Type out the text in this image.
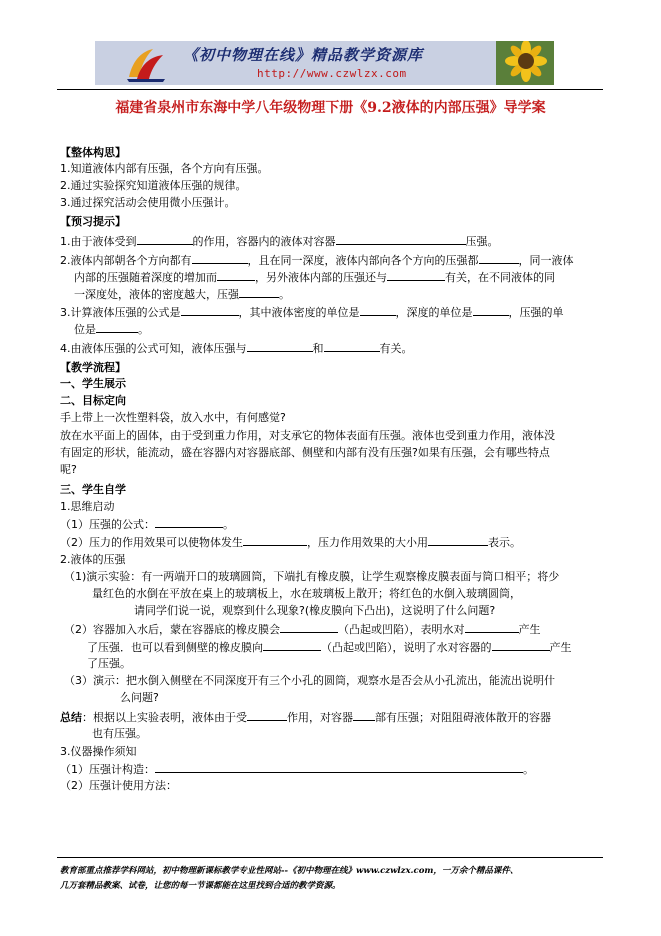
《初中物理在线》精品教学资源库
http://www.czwlzx.com
福建省泉州市东海中学八年级物理下册《9.2液体的内部压强》导学案
【整体构思】
1.知道液体内部有压强，各个方向有压强。
2.通过实验探究知道液体压强的规律。
3.通过探究活动会使用微小压强计。
【预习提示】
1.由于液体受到	的作用，容器内的液体对容器	压强。
2.液体内部朝各个方向都有	，且在同一深度，液体内部向各个方向的压强都	，同一液体
内部的压强随着深度的增加而	，另外液体内部的压强还与	有关，在不同液体的同
一深度处，液体的密度越大，压强	。
3.计算液体压强的公式是	，其中液体密度的单位是	，深度的单位是	，压强的单
位是	。
4.由液体压强的公式可知，液体压强与	和	有关。
【教学流程】
一、学生展示
二、目标定向
手上带上一次性塑料袋，放入水中，有何感觉?
放在水平面上的固体，由于受到重力作用，对支承它的物体表面有压强。液体也受到重力作用，液体没
有固定的形状，能流动，盛在容器内对容器底部、侧壁和内部有没有压强?如果有压强，会有哪些特点
呢?
三、学生自学
1.思维启动
（1）压强的公式：	。
（2）压力的作用效果可以使物体发生	，压力作用效果的大小用	表示。
2.液体的压强
（1)演示实验：有一两端开口的玻璃圆筒，下端扎有橡皮膜，让学生观察橡皮膜表面与筒口相平；将少
量红色的水倒在平放在桌上的玻璃板上，水在玻璃板上散开；将红色的水倒入玻璃圆筒，
请同学们说一说，观察到什么现象?(橡皮膜向下凸出)，这说明了什么问题?
（2）容器加入水后，蒙在容器底的橡皮膜会	（凸起或凹陷），表明水对	产生
了压强．也可以看到侧壁的橡皮膜向	（凸起或凹陷），说明了水对容器的	产生
了压强。
（3）演示：把水倒入侧壁在不同深度开有三个小孔的圆筒，观察水是否会从小孔流出，能流出说明什
么问题?
总结：根据以上实验表明，液体由于受	作用，对容器 部有压强；对阻阻碍液体散开的容器
也有压强。
3.仪器操作须知
（1）压强计构造：	。
（2）压强计使用方法：
教育部重点推荐学科网站，初中物理新课标教学专业性网站--《初中物理在线》www.czwlzx.com，一万余个精品课件、
几万套精品教案、试卷，让您的每一节课都能在这里找到合适的教学资源。
